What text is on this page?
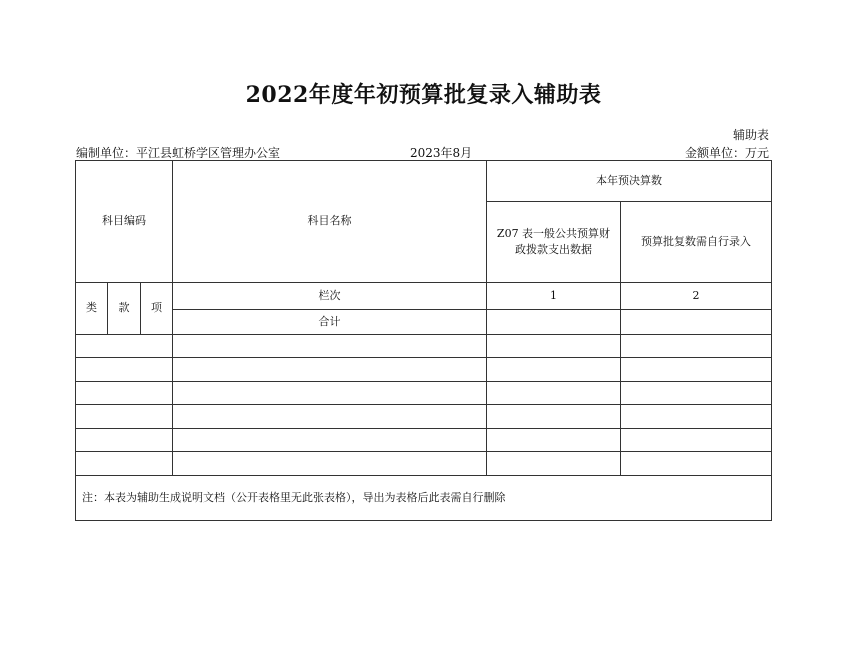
2022年度年初预算批复录入辅助表
辅助表
编制单位：平江县虹桥学区管理办公室	2023年8月	金额单位：万元
科目编码			科目名称	本年预决算数	
				Z07 表一般公共预算财政拨款支出数据	预算批复数需自行录入
类	款	项	栏次	1	2
			合计		

注：本表为辅助生成说明文档（公开表格里无此张表格），导出为表格后此表需自行删除					
